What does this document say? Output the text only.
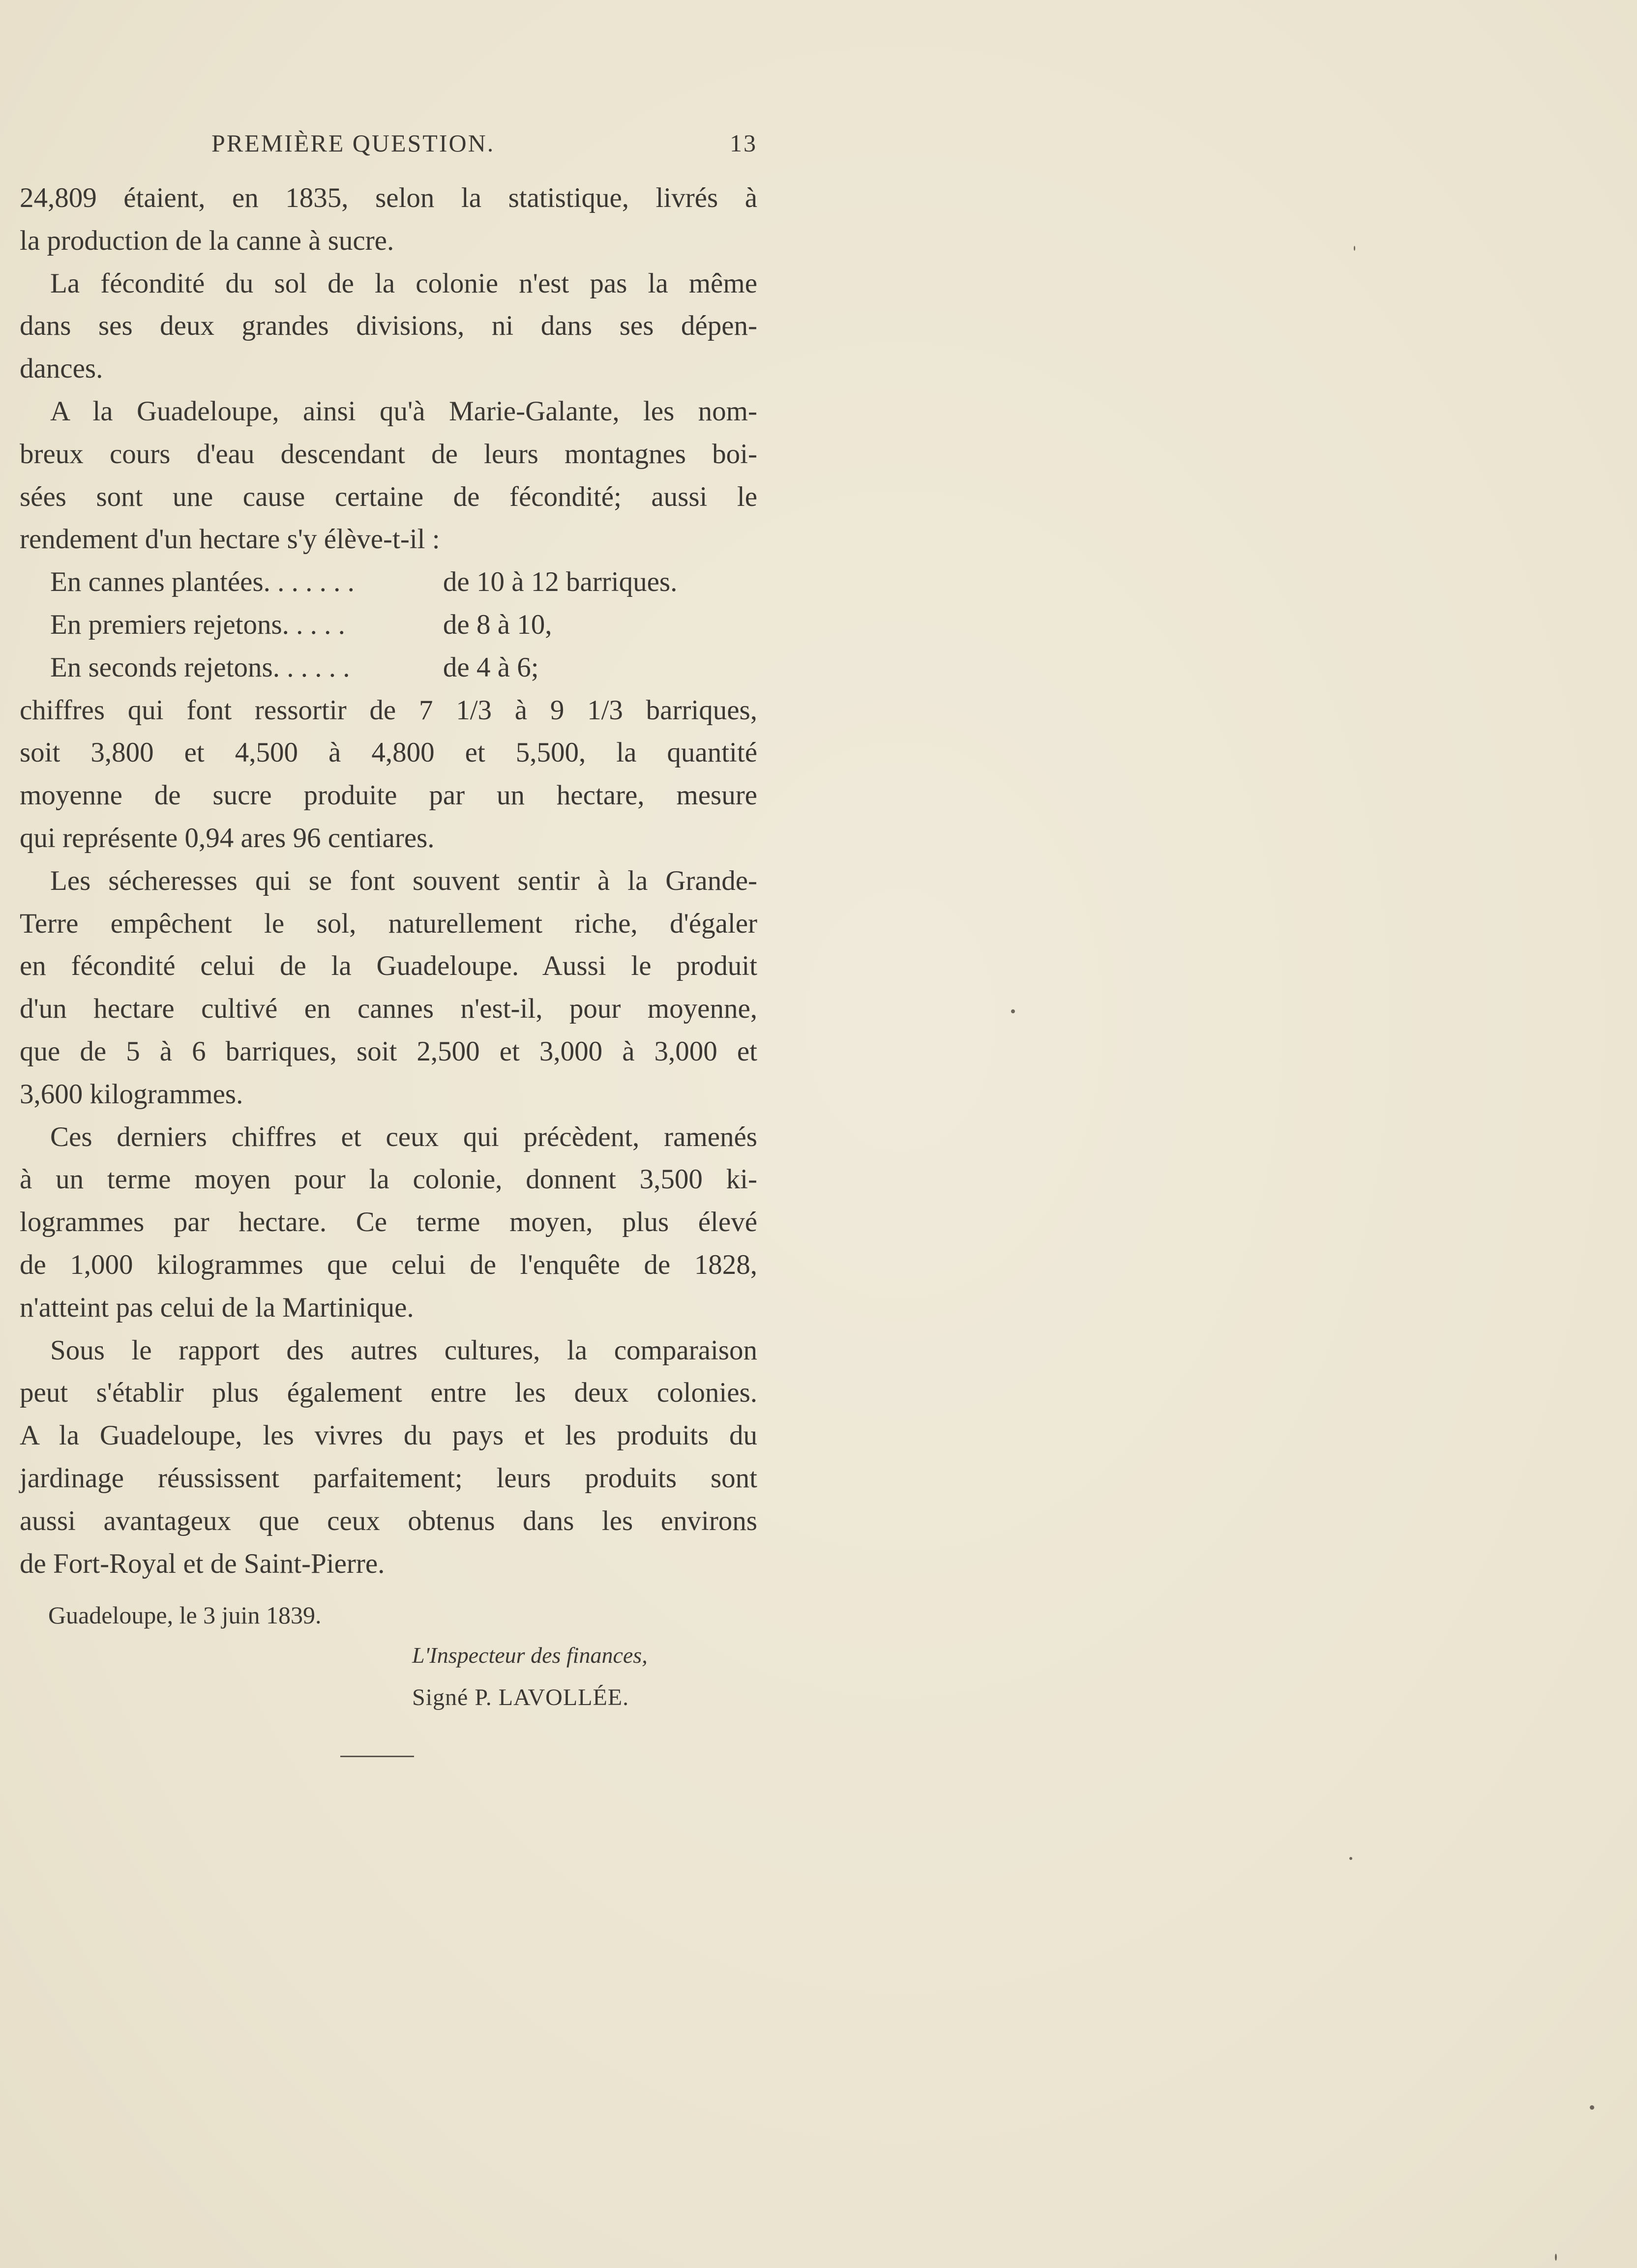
PREMIÈRE QUESTION.	13
24,809 étaient, en 1835, selon la statistique, livrés à
la production de la canne à sucre.
La fécondité du sol de la colonie n'est pas la même
dans ses deux grandes divisions, ni dans ses dépen-
dances.
A la Guadeloupe, ainsi qu'à Marie-Galante, les nom-
breux cours d'eau descendant de leurs montagnes boi-
sées sont une cause certaine de fécondité; aussi le
rendement d'un hectare s'y élève-t-il :
En cannes plantées. . . . . . .	de 10 à 12 barriques.
En premiers rejetons. . . . .	de 8 à 10,
En seconds rejetons. . . . . .	de 4 à 6;
chiffres qui font ressortir de 7 1/3 à 9 1/3 barriques,
soit 3,800 et 4,500 à 4,800 et 5,500, la quantité
moyenne de sucre produite par un hectare, mesure
qui représente 0,94 ares 96 centiares.
Les sécheresses qui se font souvent sentir à la Grande-
Terre empêchent le sol, naturellement riche, d'égaler
en fécondité celui de la Guadeloupe. Aussi le produit
d'un hectare cultivé en cannes n'est-il, pour moyenne,
que de 5 à 6 barriques, soit 2,500 et 3,000 à 3,000 et
3,600 kilogrammes.
Ces derniers chiffres et ceux qui précèdent, ramenés
à un terme moyen pour la colonie, donnent 3,500 ki-
logrammes par hectare. Ce terme moyen, plus élevé
de 1,000 kilogrammes que celui de l'enquête de 1828,
n'atteint pas celui de la Martinique.
Sous le rapport des autres cultures, la comparaison
peut s'établir plus également entre les deux colonies.
A la Guadeloupe, les vivres du pays et les produits du
jardinage réussissent parfaitement; leurs produits sont
aussi avantageux que ceux obtenus dans les environs
de Fort-Royal et de Saint-Pierre.
Guadeloupe, le 3 juin 1839.
L'Inspecteur des finances,
Signé P. LAVOLLÉE.
